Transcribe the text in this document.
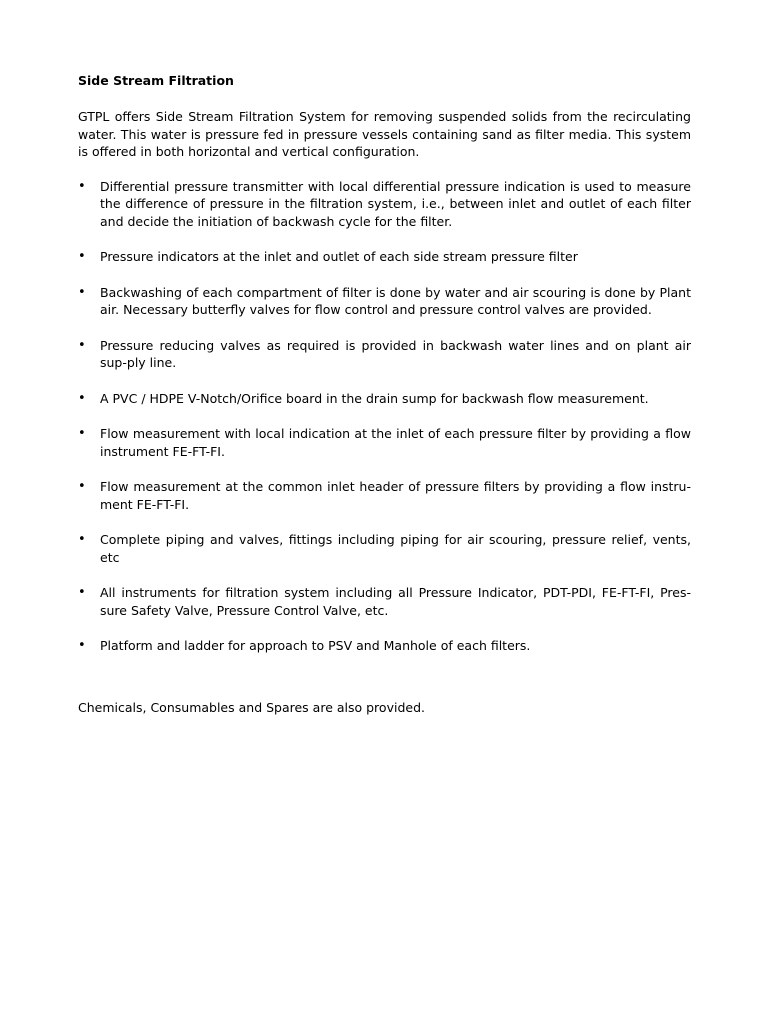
Side Stream Filtration

GTPL offers Side Stream Filtration System for removing suspended solids from the recirculating water. This water is pressure fed in pressure vessels containing sand as filter media. This system is offered in both horizontal and vertical configuration.

• Differential pressure transmitter with local differential pressure indication is used to measure the difference of pressure in the filtration system, i.e., between inlet and outlet of each filter and decide the initiation of backwash cycle for the filter.
• Pressure indicators at the inlet and outlet of each side stream pressure filter
• Backwashing of each compartment of filter is done by water and air scouring is done by Plant air. Necessary butterfly valves for flow control and pressure control valves are provided.
• Pressure reducing valves as required is provided in backwash water lines and on plant air sup-ply line.
• A PVC / HDPE V-Notch/Orifice board in the drain sump for backwash flow measurement.
• Flow measurement with local indication at the inlet of each pressure filter by providing a flow instrument FE-FT-FI.
• Flow measurement at the common inlet header of pressure filters by providing a flow instru-ment FE-FT-FI.
• Complete piping and valves, fittings including piping for air scouring, pressure relief, vents, etc
• All instruments for filtration system including all Pressure Indicator, PDT-PDI, FE-FT-FI, Pres-sure Safety Valve, Pressure Control Valve, etc.
• Platform and ladder for approach to PSV and Manhole of each filters.

Chemicals, Consumables and Spares are also provided.
